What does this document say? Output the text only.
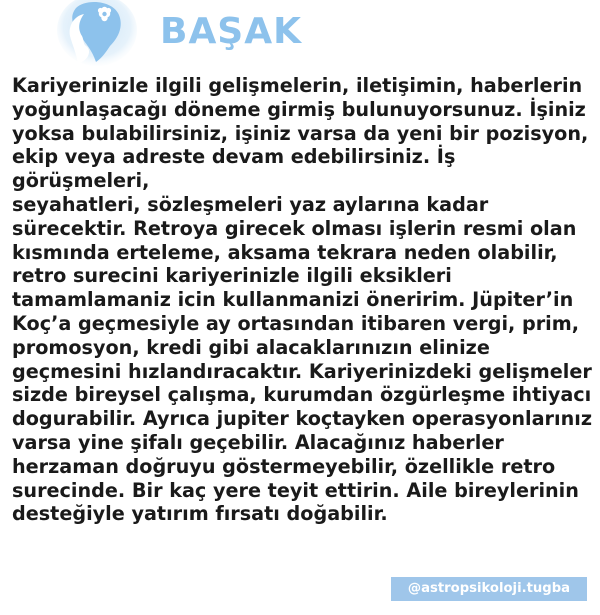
BAŞAK

Kariyerinizle ilgili gelişmelerin, iletişimin, haberlerin
yoğunlaşacağı döneme girmiş bulunuyorsunuz. İşiniz
yoksa bulabilirsiniz, işiniz varsa da yeni bir pozisyon,
ekip veya adreste devam edebilirsiniz. İş görüşmeleri,
seyahatleri, sözleşmeleri yaz aylarına kadar
sürecektir. Retroya girecek olması işlerin resmi olan
kısmında erteleme, aksama tekrara neden olabilir,
retro surecini kariyerinizle ilgili eksikleri
tamamlamaniz icin kullanmanizi öneririm. Jüpiter’in
Koç’a geçmesiyle ay ortasından itibaren vergi, prim,
promosyon, kredi gibi alacaklarınızın elinize
geçmesini hızlandıracaktır. Kariyerinizdeki gelişmeler
sizde bireysel çalışma, kurumdan özgürleşme ihtiyacı
dogurabilir. Ayrıca jupiter koçtayken operasyonlarınız
varsa yine şifalı geçebilir. Alacağınız haberler
herzaman doğruyu göstermeyebilir, özellikle retro
surecinde. Bir kaç yere teyit ettirin. Aile bireylerinin
desteğiyle yatırım fırsatı doğabilir.

@astropsikoloji.tugba
